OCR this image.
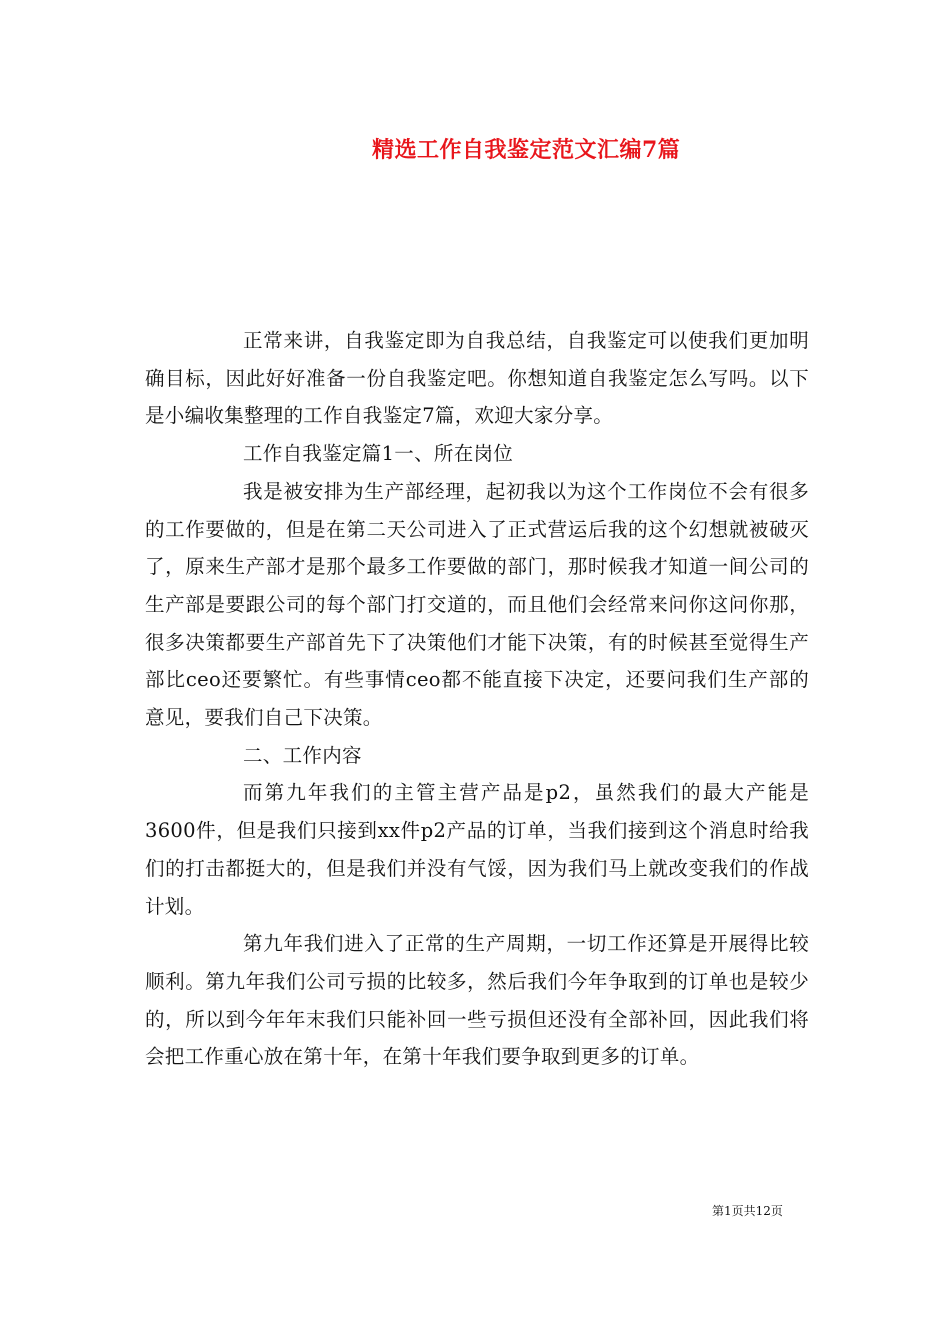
精选工作自我鉴定范文汇编7篇

正常来讲，自我鉴定即为自我总结，自我鉴定可以使我们更加明确目标，因此好好准备一份自我鉴定吧。你想知道自我鉴定怎么写吗。以下是小编收集整理的工作自我鉴定7篇，欢迎大家分享。

工作自我鉴定篇1一、所在岗位

我是被安排为生产部经理，起初我以为这个工作岗位不会有很多的工作要做的，但是在第二天公司进入了正式营运后我的这个幻想就被破灭了，原来生产部才是那个最多工作要做的部门，那时候我才知道一间公司的生产部是要跟公司的每个部门打交道的，而且他们会经常来问你这问你那，很多决策都要生产部首先下了决策他们才能下决策，有的时候甚至觉得生产部比ceo还要繁忙。有些事情ceo都不能直接下决定，还要问我们生产部的意见，要我们自己下决策。

二、工作内容

而第九年我们的主管主营产品是p2，虽然我们的最大产能是3600件，但是我们只接到xx件p2产品的订单，当我们接到这个消息时给我们的打击都挺大的，但是我们并没有气馁，因为我们马上就改变我们的作战计划。

第九年我们进入了正常的生产周期，一切工作还算是开展得比较顺利。第九年我们公司亏损的比较多，然后我们今年争取到的订单也是较少的，所以到今年年末我们只能补回一些亏损但还没有全部补回，因此我们将会把工作重心放在第十年，在第十年我们要争取到更多的订单。

第1页共12页
